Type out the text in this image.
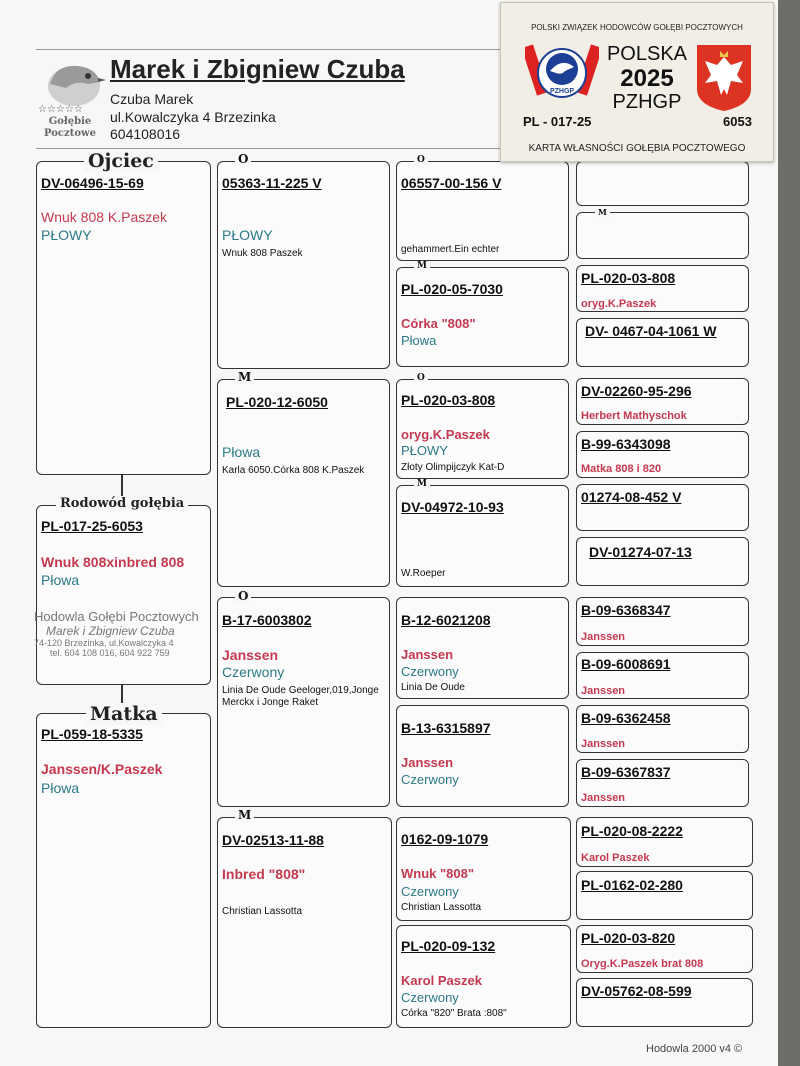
☆☆☆☆☆
Gołębie Pocztowe
Marek i Zbigniew Czuba
Czuba Marek
ul.Kowalczyka 4 Brzezinka
604108016
DV-06496-15-69
Wnuk 808 K.Paszek
PŁOWY
Ojciec
PL-017-25-6053
Wnuk 808xinbred 808
Płowa
Rodowód gołębia
Hodowla Gołębi Pocztowych
Marek i Zbigniew Czuba
74-120 Brzezinka, ul.Kowalczyka 4
tel. 604 108 016, 604 922 759
PL-059-18-5335
Janssen/K.Paszek
Płowa
Matka
05363-11-225 V
PŁOWY
Wnuk 808 Paszek
O
PL-020-12-6050
Płowa
Karla 6050.Córka 808 K.Paszek
M
B-17-6003802
Janssen
Czerwony
Linia De Oude Geeloger,019,Jonge Merckx i Jonge Raket
O
DV-02513-11-88
Inbred "808"
Christian Lassotta
M
06557-00-156 V
gehammert.Ein echter
O
PL-020-05-7030
Córka "808"
Płowa
M
PL-020-03-808
oryg.K.Paszek
PŁOWY
Złoty Olimpijczyk Kat-D
O
DV-04972-10-93
W.Roeper
M
B-12-6021208
Janssen
Czerwony
Linia De Oude
B-13-6315897
Janssen
Czerwony
0162-09-1079
Wnuk "808"
Czerwony
Christian Lassotta
PL-020-09-132
Karol Paszek
Czerwony
Córka "820" Brata :808"
M
PL-020-03-808
oryg.K.Paszek
DV- 0467-04-1061 W
DV-02260-95-296
Herbert Mathyschok
B-99-6343098
Matka 808 i 820
01274-08-452 V
DV-01274-07-13
B-09-6368347
Janssen
B-09-6008691
Janssen
B-09-6362458
Janssen
B-09-6367837
Janssen
PL-020-08-2222
Karol Paszek
PL-0162-02-280
PL-020-03-820
Oryg.K.Paszek brat 808
DV-05762-08-599
Hodowla 2000 v4 ©
POLSKI ZWIĄZEK HODOWCÓW GOŁĘBI POCZTOWYCH
PZHGP
POLSKA
2025
PZHGP
PL - 017-25	6053
KARTA WŁASNOŚCI GOŁĘBIA POCZTOWEGO
